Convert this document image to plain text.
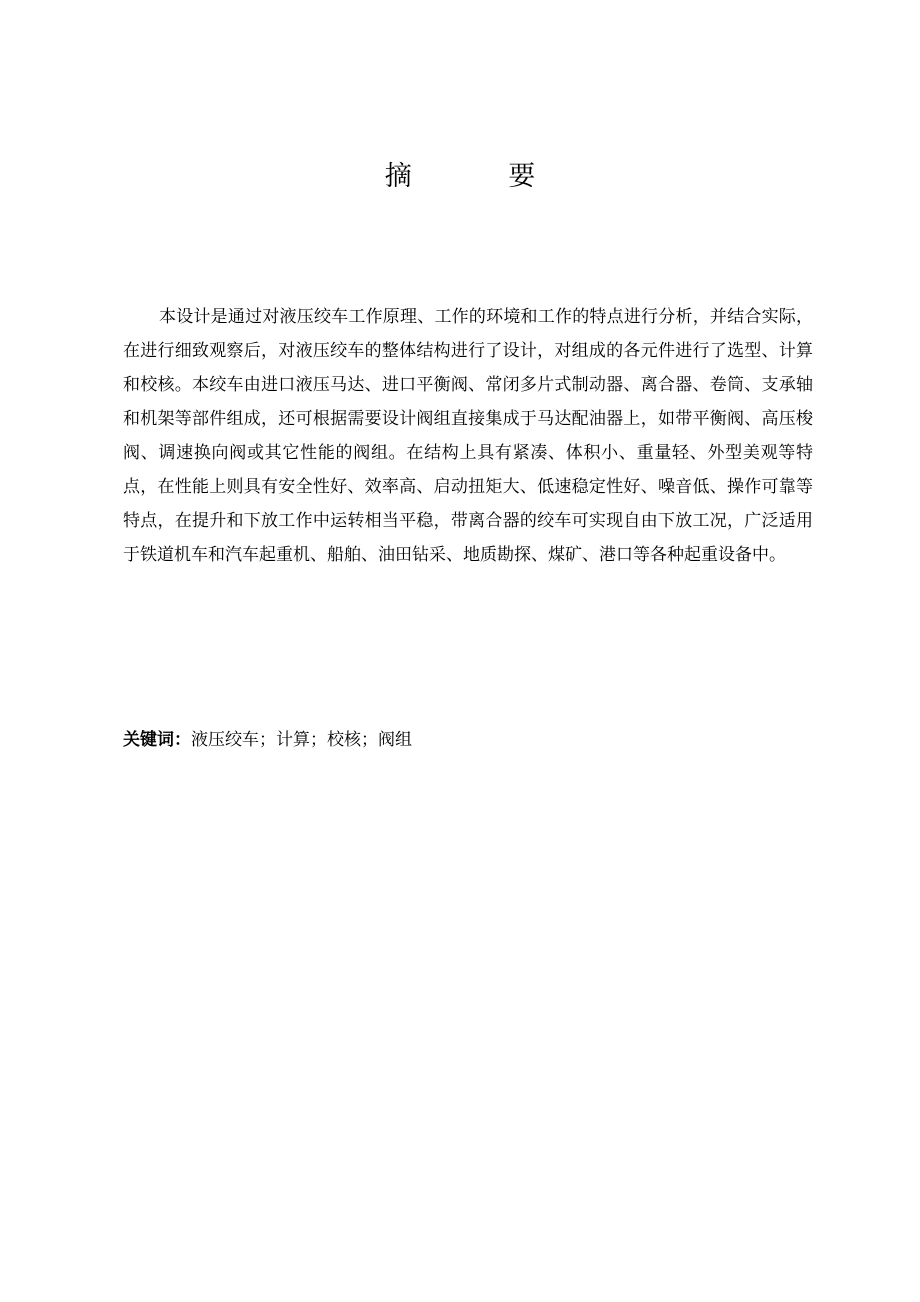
摘 要

本设计是通过对液压绞车工作原理、工作的环境和工作的特点进行分析，并结合实际，在进行细致观察后，对液压绞车的整体结构进行了设计，对组成的各元件进行了选型、计算和校核。本绞车由进口液压马达、进口平衡阀、常闭多片式制动器、离合器、卷筒、支承轴和机架等部件组成，还可根据需要设计阀组直接集成于马达配油器上，如带平衡阀、高压梭阀、调速换向阀或其它性能的阀组。在结构上具有紧凑、体积小、重量轻、外型美观等特点，在性能上则具有安全性好、效率高、启动扭矩大、低速稳定性好、噪音低、操作可靠等特点，在提升和下放工作中运转相当平稳，带离合器的绞车可实现自由下放工况，广泛适用于铁道机车和汽车起重机、船舶、油田钻采、地质勘探、煤矿、港口等各种起重设备中。

关键词：液压绞车；计算；校核；阀组
